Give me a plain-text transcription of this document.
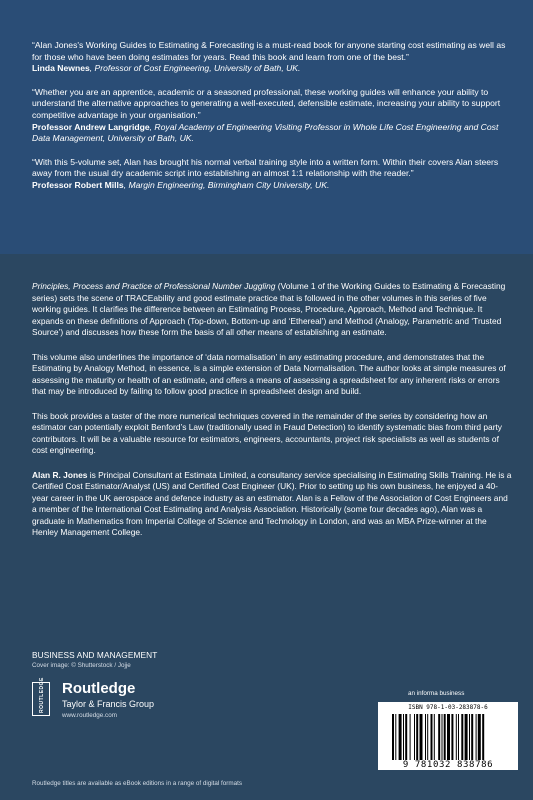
“Alan Jones's Working Guides to Estimating & Forecasting is a must-read book for anyone starting cost estimating as well as for those who have been doing estimates for years. Read this book and learn from one of the best.”
Linda Newnes, Professor of Cost Engineering, University of Bath, UK.

“Whether you are an apprentice, academic or a seasoned professional, these working guides will enhance your ability to understand the alternative approaches to generating a well-executed, defensible estimate, increasing your ability to support competitive advantage in your organisation.”
Professor Andrew Langridge, Royal Academy of Engineering Visiting Professor in Whole Life Cost Engineering and Cost Data Management, University of Bath, UK.

“With this 5-volume set, Alan has brought his normal verbal training style into a written form. Within their covers Alan steers away from the usual dry academic script into establishing an almost 1:1 relationship with the reader.”
Professor Robert Mills, Margin Engineering, Birmingham City University, UK.

Principles, Process and Practice of Professional Number Juggling (Volume 1 of the Working Guides to Estimating & Forecasting series) sets the scene of TRACEability and good estimate practice that is followed in the other volumes in this series of five working guides. It clarifies the difference between an Estimating Process, Procedure, Approach, Method and Technique. It expands on these definitions of Approach (Top-down, Bottom-up and ‘Ethereal’) and Method (Analogy, Parametric and ‘Trusted Source’) and discusses how these form the basis of all other means of establishing an estimate.

This volume also underlines the importance of ‘data normalisation’ in any estimating procedure, and demonstrates that the Estimating by Analogy Method, in essence, is a simple extension of Data Normalisation. The author looks at simple measures of assessing the maturity or health of an estimate, and offers a means of assessing a spreadsheet for any inherent risks or errors that may be introduced by failing to follow good practice in spreadsheet design and build.

This book provides a taster of the more numerical techniques covered in the remainder of the series by considering how an estimator can potentially exploit Benford’s Law (traditionally used in Fraud Detection) to identify systematic bias from third party contributors. It will be a valuable resource for estimators, engineers, accountants, project risk specialists as well as students of cost engineering.

Alan R. Jones is Principal Consultant at Estimata Limited, a consultancy service specialising in Estimating Skills Training. He is a Certified Cost Estimator/Analyst (US) and Certified Cost Engineer (UK). Prior to setting up his own business, he enjoyed a 40-year career in the UK aerospace and defence industry as an estimator. Alan is a Fellow of the Association of Cost Engineers and a member of the International Cost Estimating and Analysis Association. Historically (some four decades ago), Alan was a graduate in Mathematics from Imperial College of Science and Technology in London, and was an MBA Prize-winner at the Henley Management College.

BUSINESS AND MANAGEMENT
Cover image: © Shutterstock / Jojje
ROUTLEDGE Routledge
Taylor & Francis Group
www.routledge.com
an informa business
ISBN 978-1-03-283878-6
9 781032 838786
Routledge titles are available as eBook editions in a range of digital formats
